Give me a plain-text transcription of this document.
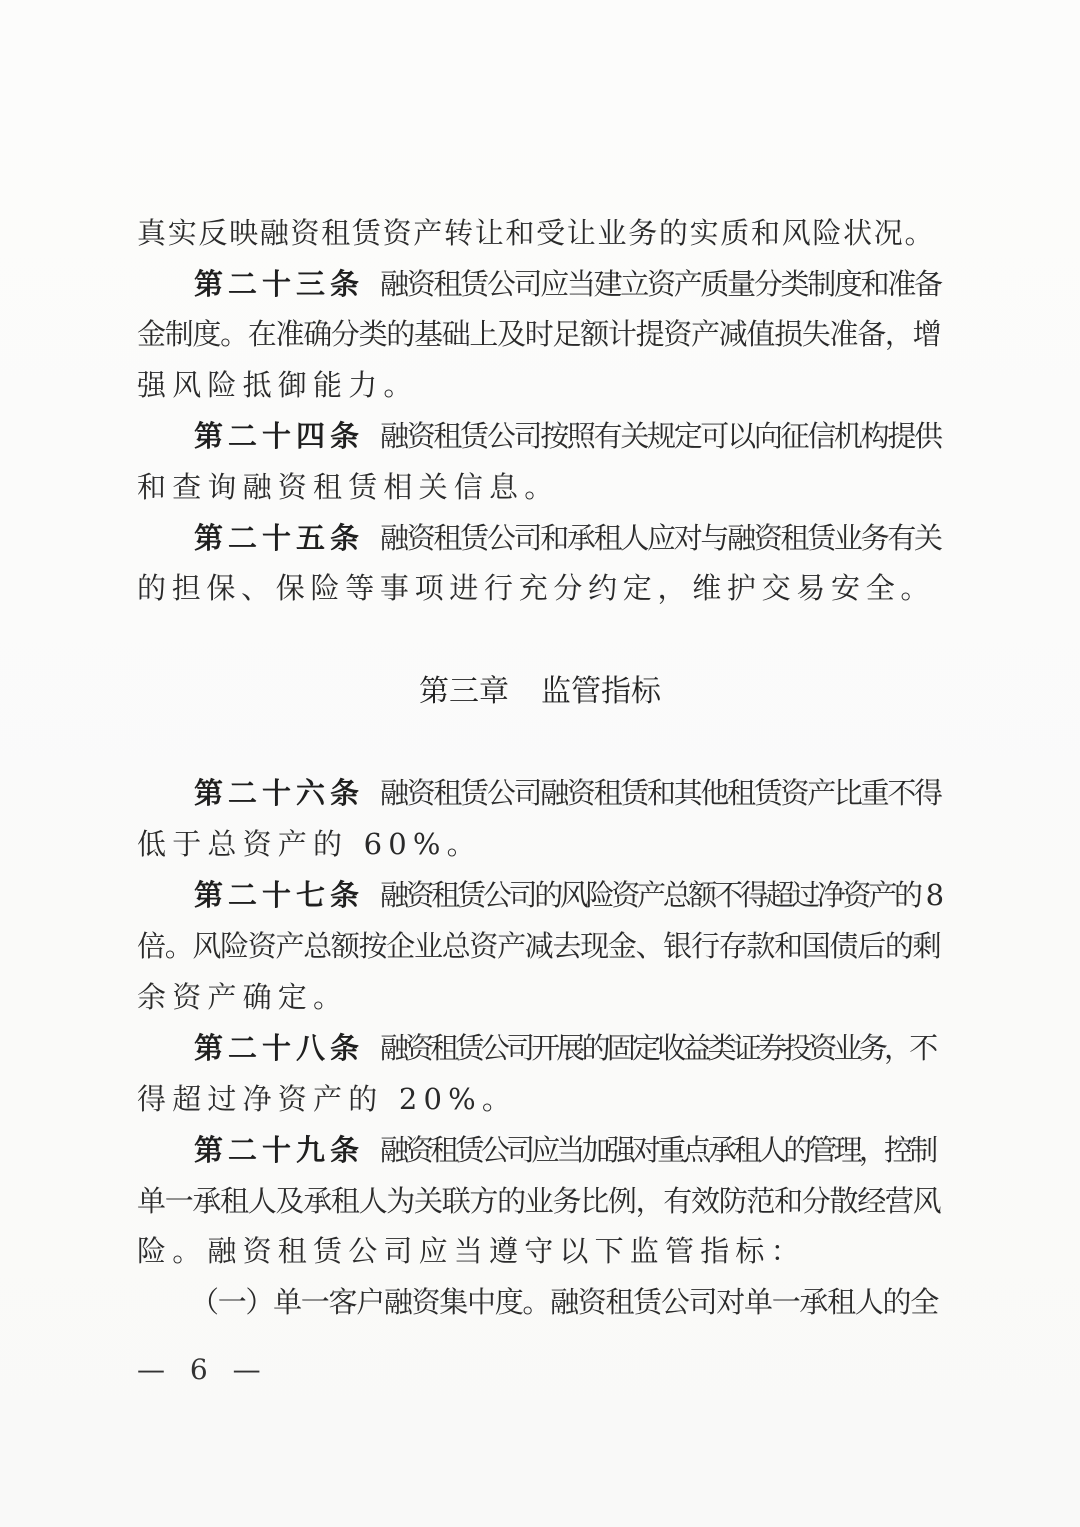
真实反映融资租赁资产转让和受让业务的实质和风险状况。
第二十三条 融资租赁公司应当建立资产质量分类制度和准备
金制度。在准确分类的基础上及时足额计提资产减值损失准备，增
强风险抵御能力。
第二十四条 融资租赁公司按照有关规定可以向征信机构提供
和查询融资租赁相关信息。
第二十五条 融资租赁公司和承租人应对与融资租赁业务有关
的担保、保险等事项进行充分约定，维护交易安全。
第三章 监管指标
第二十六条 融资租赁公司融资租赁和其他租赁资产比重不得
低于总资产的 60%。
第二十七条 融资租赁公司的风险资产总额不得超过净资产的 8
倍。风险资产总额按企业总资产减去现金、银行存款和国债后的剩
余资产确定。
第二十八条 融资租赁公司开展的固定收益类证券投资业务，不
得超过净资产的 20%。
第二十九条 融资租赁公司应当加强对重点承租人的管理，控制
单一承租人及承租人为关联方的业务比例，有效防范和分散经营风
险。融资租赁公司应当遵守以下监管指标：
（一）单一客户融资集中度。融资租赁公司对单一承租人的全
— 6 —
